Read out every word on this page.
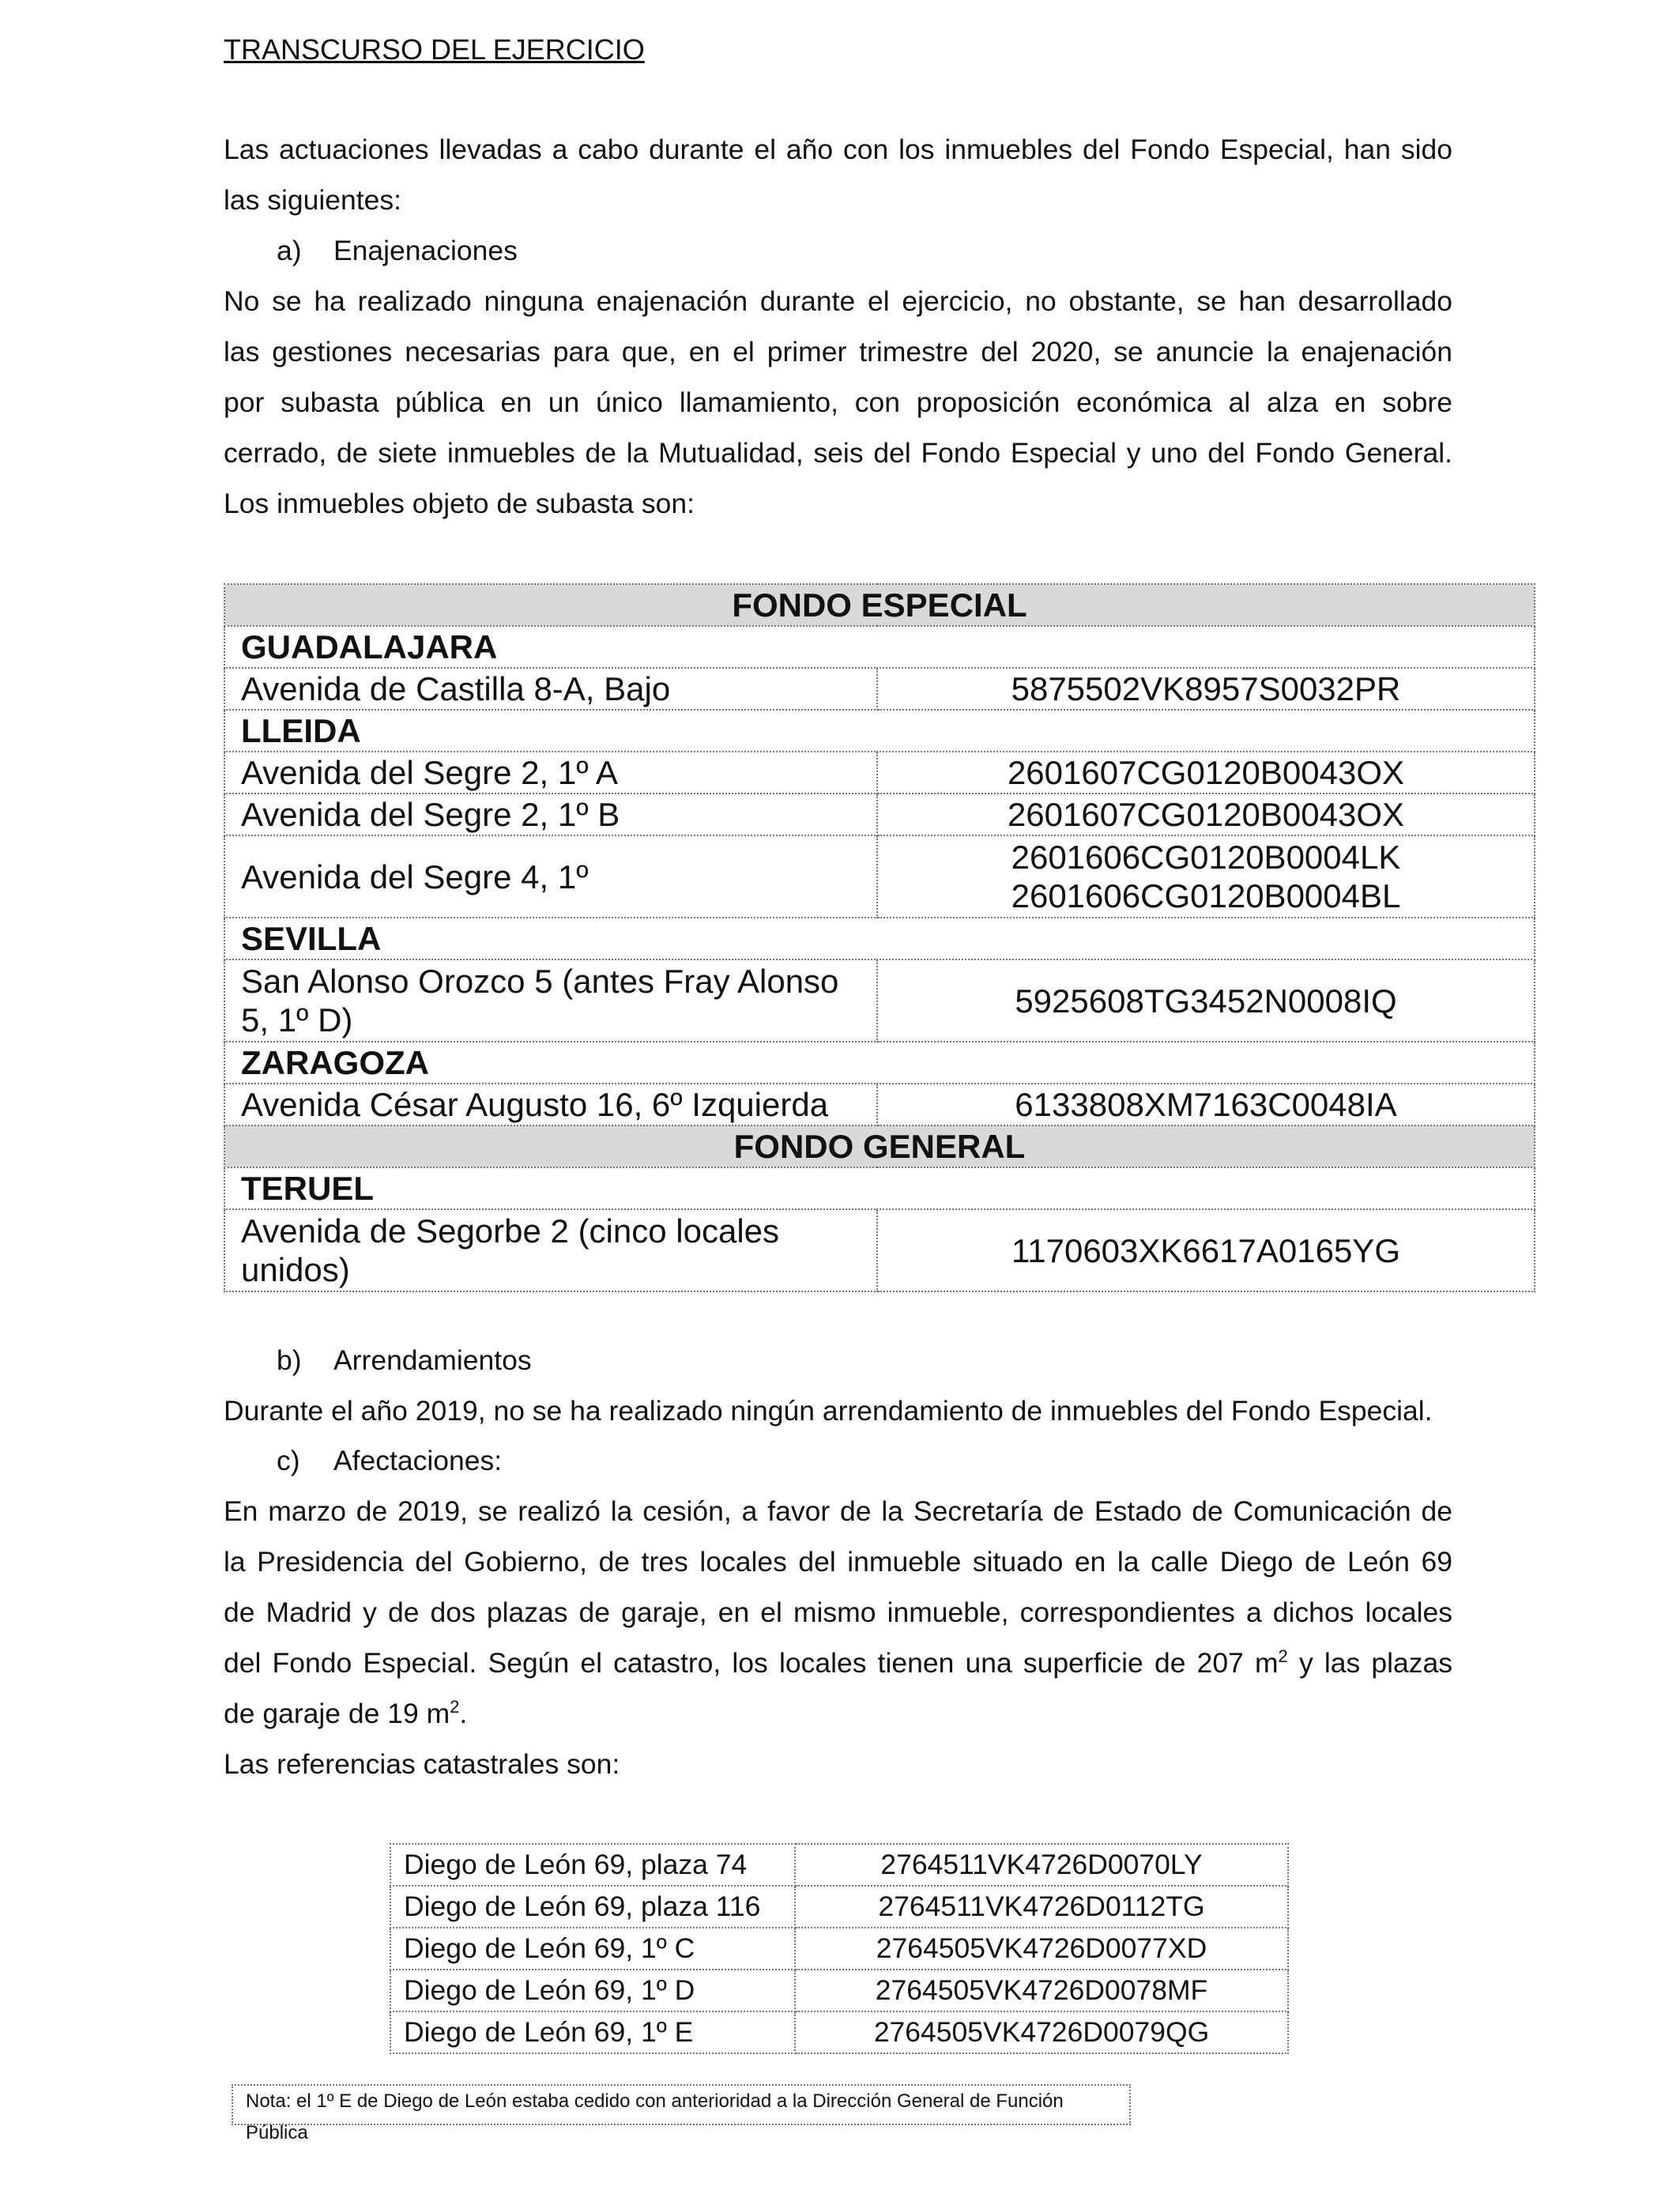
TRANSCURSO DEL EJERCICIO
Las actuaciones llevadas a cabo durante el año con los inmuebles del Fondo Especial, han sido
las siguientes:
a) Enajenaciones
No se ha realizado ninguna enajenación durante el ejercicio, no obstante, se han desarrollado
las gestiones necesarias para que, en el primer trimestre del 2020, se anuncie la enajenación
por subasta pública en un único llamamiento, con proposición económica al alza en sobre
cerrado, de siete inmuebles de la Mutualidad, seis del Fondo Especial y uno del Fondo General.
Los inmuebles objeto de subasta son:
FONDO ESPECIAL	
GUADALAJARA	
Avenida de Castilla 8-A, Bajo	5875502VK8957S0032PR
LLEIDA	
Avenida del Segre 2, 1º A	2601607CG0120B0043OX
Avenida del Segre 2, 1º B	2601607CG0120B0043OX
Avenida del Segre 4, 1º	2601606CG0120B0004LK
2601606CG0120B0004BL

SEVILLA	

San Alonso Orozco 5 (antes Fray Alonso
5, 1º D)	5925608TG3452N0008IQ
ZARAGOZA	
Avenida César Augusto 16, 6º Izquierda	6133808XM7163C0048IA
FONDO GENERAL	
TERUEL	

Avenida de Segorbe 2 (cinco locales
unidos)	1170603XK6617A0165YG
b) Arrendamientos
Durante el año 2019, no se ha realizado ningún arrendamiento de inmuebles del Fondo Especial.
c) Afectaciones:
En marzo de 2019, se realizó la cesión, a favor de la Secretaría de Estado de Comunicación de
la Presidencia del Gobierno, de tres locales del inmueble situado en la calle Diego de León 69
de Madrid y de dos plazas de garaje, en el mismo inmueble, correspondientes a dichos locales
del Fondo Especial. Según el catastro, los locales tienen una superficie de 207 $m^2$ y las plazas
de garaje de 19 $m^2$.
Las referencias catastrales son:
Diego de León 69, plaza 74	2764511VK4726D0070LY
Diego de León 69, plaza 116	2764511VK4726D0112TG
Diego de León 69, 1º C	2764505VK4726D0077XD
Diego de León 69, 1º D	2764505VK4726D0078MF
Diego de León 69, 1º E	2764505VK4726D0079QG
Nota: el 1º E de Diego de León estaba cedido con anterioridad a la Dirección General de Función Pública
